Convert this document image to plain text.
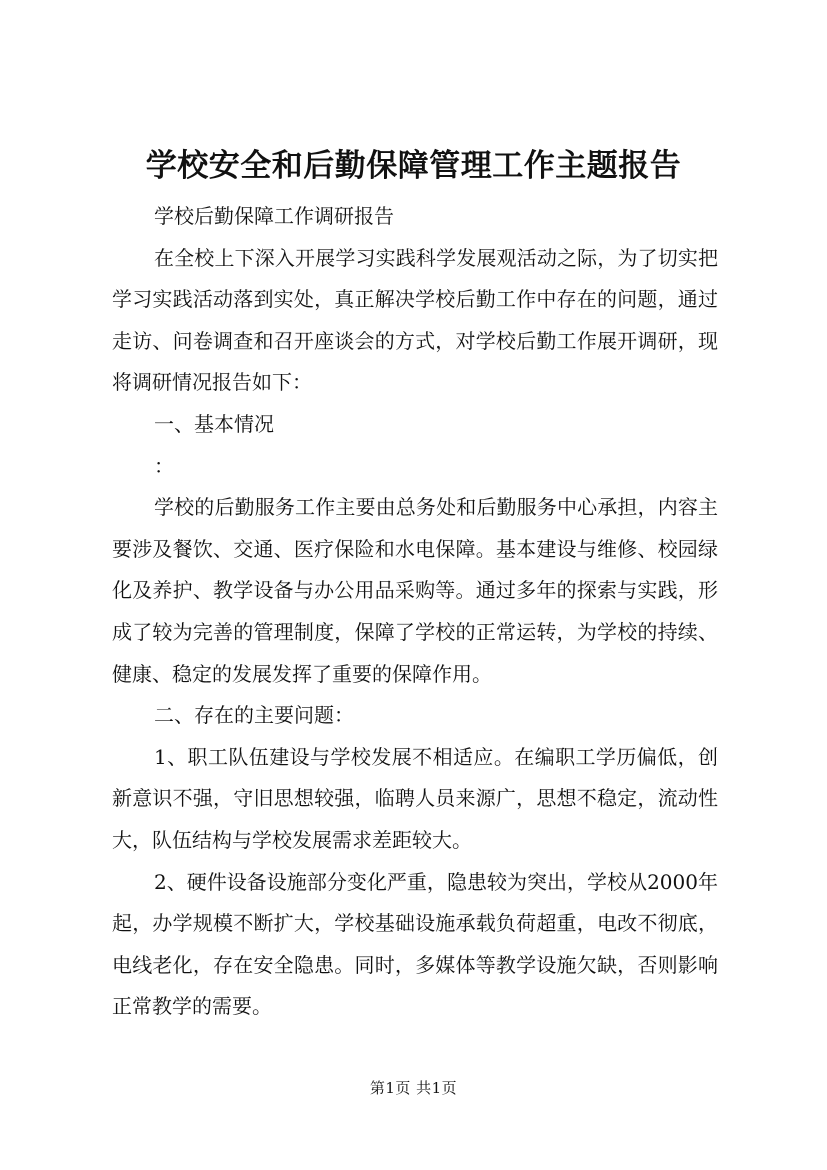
学校安全和后勤保障管理工作主题报告

学校后勤保障工作调研报告

在全校上下深入开展学习实践科学发展观活动之际，为了切实把学习实践活动落到实处，真正解决学校后勤工作中存在的问题，通过走访、问卷调查和召开座谈会的方式，对学校后勤工作展开调研，现将调研情况报告如下：

一、基本情况

：

学校的后勤服务工作主要由总务处和后勤服务中心承担，内容主要涉及餐饮、交通、医疗保险和水电保障。基本建设与维修、校园绿化及养护、教学设备与办公用品采购等。通过多年的探索与实践，形成了较为完善的管理制度，保障了学校的正常运转，为学校的持续、健康、稳定的发展发挥了重要的保障作用。

二、存在的主要问题：

1、职工队伍建设与学校发展不相适应。在编职工学历偏低，创新意识不强，守旧思想较强，临聘人员来源广，思想不稳定，流动性大，队伍结构与学校发展需求差距较大。

2、硬件设备设施部分变化严重，隐患较为突出，学校从2000年起，办学规模不断扩大，学校基础设施承载负荷超重，电改不彻底，电线老化，存在安全隐患。同时，多媒体等教学设施欠缺，否则影响正常教学的需要。

第1页 共1页
